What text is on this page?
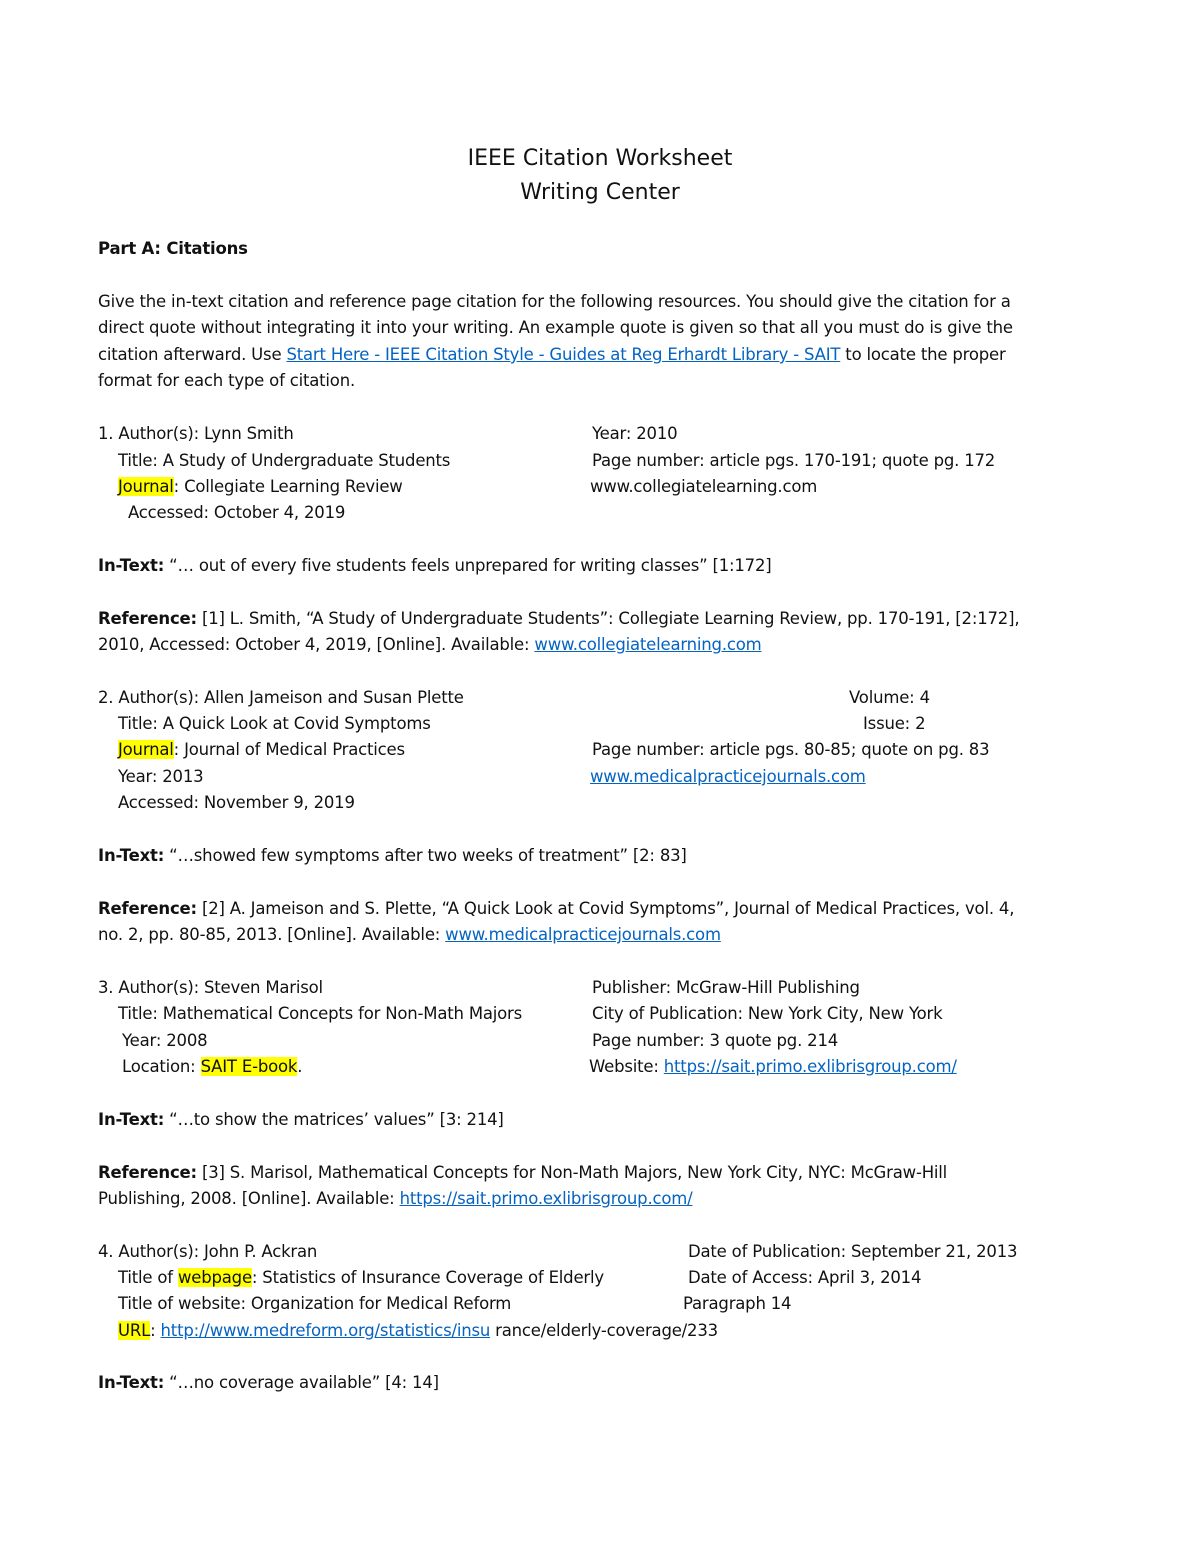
IEEE Citation Worksheet
Writing Center
Part A: Citations
Give the in-text citation and reference page citation for the following resources. You should give the citation for a
direct quote without integrating it into your writing. An example quote is given so that all you must do is give the
citation afterward. Use Start Here - IEEE Citation Style - Guides at Reg Erhardt Library - SAIT to locate the proper
format for each type of citation.
1. Author(s): Lynn Smith	Year: 2010
Title: A Study of Undergraduate Students	Page number: article pgs. 170-191; quote pg. 172
Journal: Collegiate Learning Review	www.collegiatelearning.com
Accessed: October 4, 2019
In-Text: “… out of every five students feels unprepared for writing classes” [1:172]
Reference: [1] L. Smith, “A Study of Undergraduate Students”: Collegiate Learning Review, pp. 170-191, [2:172],
2010, Accessed: October 4, 2019, [Online]. Available: www.collegiatelearning.com
2. Author(s): Allen Jameison and Susan Plette	Volume: 4
Title: A Quick Look at Covid Symptoms	Issue: 2
Journal: Journal of Medical Practices	Page number: article pgs. 80-85; quote on pg. 83
Year: 2013	www.medicalpracticejournals.com
Accessed: November 9, 2019
In-Text: “…showed few symptoms after two weeks of treatment” [2: 83]
Reference: [2] A. Jameison and S. Plette, “A Quick Look at Covid Symptoms”, Journal of Medical Practices, vol. 4,
no. 2, pp. 80-85, 2013. [Online]. Available: www.medicalpracticejournals.com
3. Author(s): Steven Marisol	Publisher: McGraw-Hill Publishing
Title: Mathematical Concepts for Non-Math Majors	City of Publication: New York City, New York
Year: 2008	Page number: 3 quote pg. 214
Location: SAIT E-book.	Website: https://sait.primo.exlibrisgroup.com/
In-Text: “…to show the matrices’ values” [3: 214]
Reference: [3] S. Marisol, Mathematical Concepts for Non-Math Majors, New York City, NYC: McGraw-Hill
Publishing, 2008. [Online]. Available: https://sait.primo.exlibrisgroup.com/
4. Author(s): John P. Ackran	Date of Publication: September 21, 2013
Title of webpage: Statistics of Insurance Coverage of Elderly	Date of Access: April 3, 2014
Title of website: Organization for Medical Reform	Paragraph 14
URL: http://www.medreform.org/statistics/insu rance/elderly-coverage/233
In-Text: “…no coverage available” [4: 14]
